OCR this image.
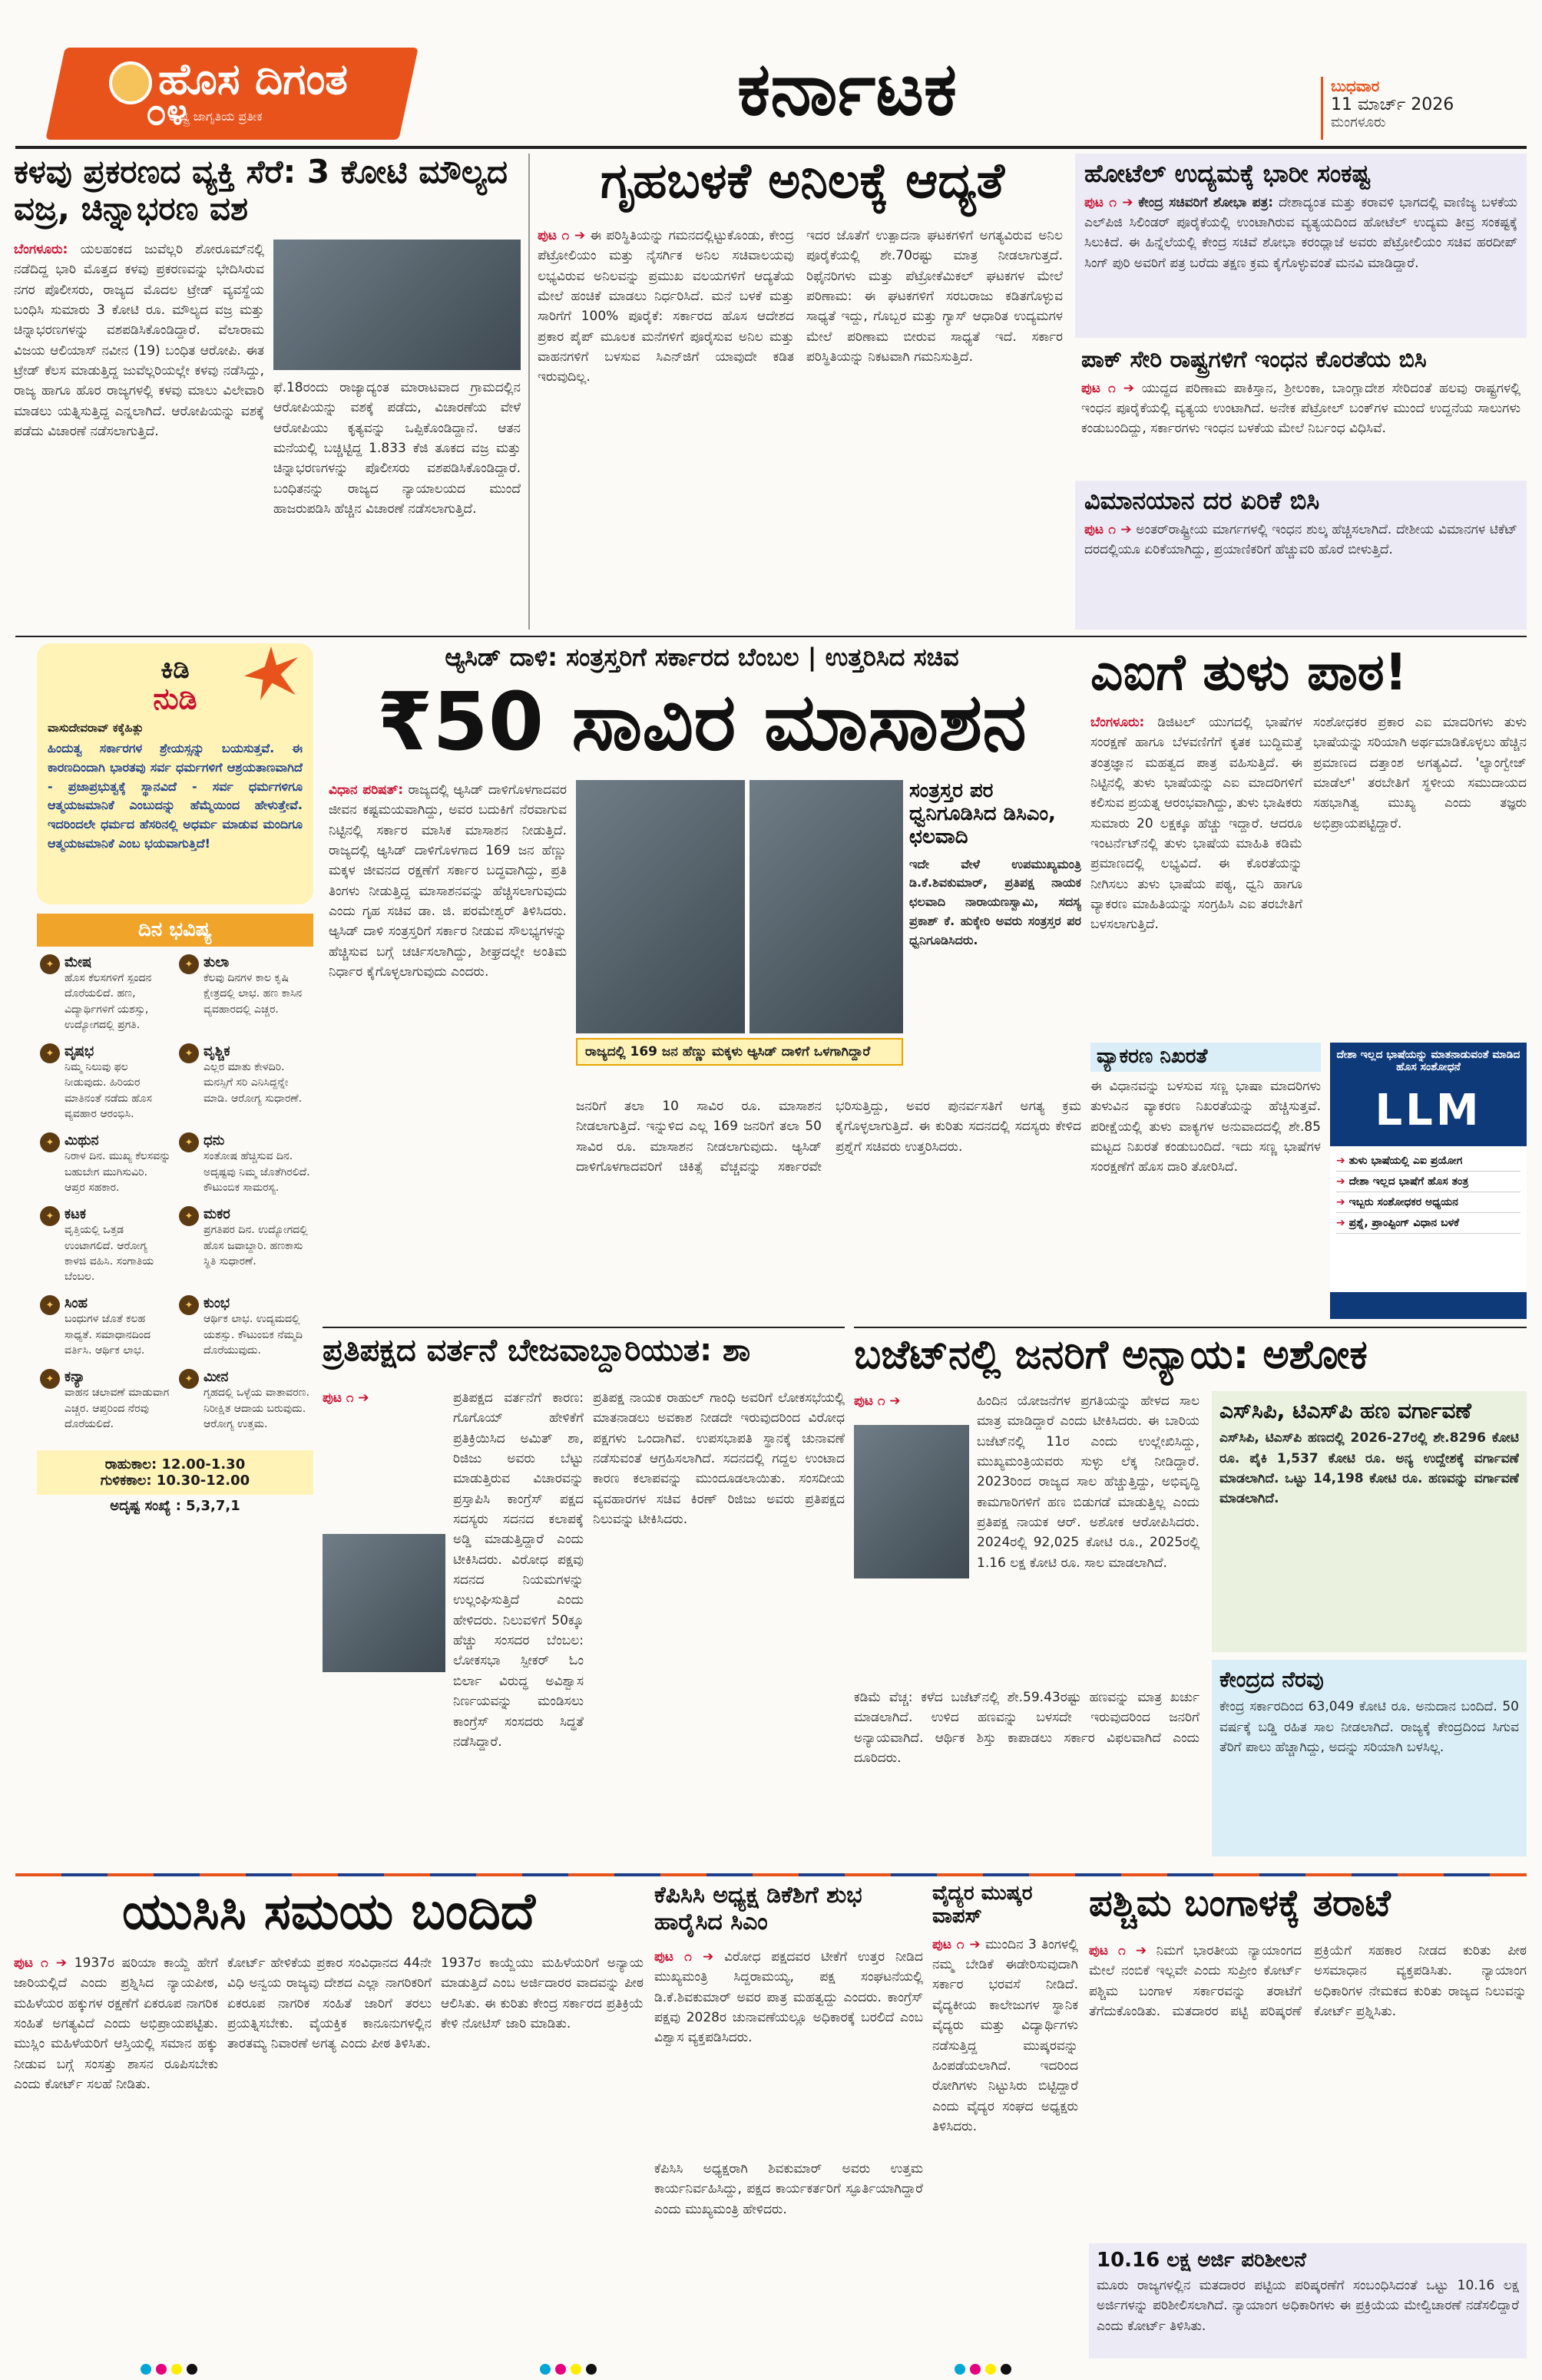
ಹೊಸ ದಿಗಂತ
ರಾಷ್ಟ್ರ ಜಾಗೃತಿಯ ಪ್ರತೀಕ
೦೪	ಕರ್ನಾಟಕ	ಬುಧವಾರ
11 ಮಾರ್ಚ್ 2026
ಮಂಗಳೂರು
ಕಳವು ಪ್ರಕರಣದ ವ್ಯಕ್ತಿ ಸೆರೆ: 3 ಕೋಟಿ ಮೌಲ್ಯದ ವಜ್ರ, ಚಿನ್ನಾಭರಣ ವಶ
ಬೆಂಗಳೂರು: ಯಲಹಂಕದ ಜುವೆಲ್ಲರಿ ಶೋರೂಮ್‌ನಲ್ಲಿ ನಡೆದಿದ್ದ ಭಾರಿ ಮೊತ್ತದ ಕಳವು ಪ್ರಕರಣವನ್ನು ಭೇದಿಸಿರುವ ನಗರ ಪೊಲೀಸರು, ರಾಜ್ಯದ ಮೊದಲ ಟ್ರೇಡ್ ವ್ಯವಸ್ಥೆಯ ಬಂಧಿಸಿ ಸುಮಾರು 3 ಕೋಟಿ ರೂ. ಮೌಲ್ಯದ ವಜ್ರ ಮತ್ತು ಚಿನ್ನಾಭರಣಗಳನ್ನು ವಶಪಡಿಸಿಕೊಂಡಿದ್ದಾರೆ. ವೆಲಾರಾಮ ವಿಜಯ ಆಲಿಯಾಸ್ ನವೀನ (19) ಬಂಧಿತ ಆರೋಪಿ. ಈತ ಟ್ರೇಡ್ ಕೆಲಸ ಮಾಡುತ್ತಿದ್ದ ಜುವೆಲ್ಲರಿಯಲ್ಲೇ ಕಳವು ನಡೆಸಿದ್ದು, ರಾಜ್ಯ ಹಾಗೂ ಹೊರ ರಾಜ್ಯಗಳಲ್ಲಿ ಕಳವು ಮಾಲು ವಿಲೇವಾರಿ ಮಾಡಲು ಯತ್ನಿಸುತ್ತಿದ್ದ ಎನ್ನಲಾಗಿದೆ. ಆರೋಪಿಯನ್ನು ವಶಕ್ಕೆ ಪಡೆದು ವಿಚಾರಣೆ ನಡೆಸಲಾಗುತ್ತಿದೆ.
ಫೆ.18ರಂದು ರಾಜ್ಯಾದ್ಯಂತ ಮಾರಾಟವಾದ ಗ್ರಾಮದಲ್ಲಿನ ಆರೋಪಿಯನ್ನು ವಶಕ್ಕೆ ಪಡೆದು, ವಿಚಾರಣೆಯ ವೇಳೆ ಆರೋಪಿಯು ಕೃತ್ಯವನ್ನು ಒಪ್ಪಿಕೊಂಡಿದ್ದಾನೆ. ಆತನ ಮನೆಯಲ್ಲಿ ಬಚ್ಚಿಟ್ಟಿದ್ದ 1.833 ಕೆಜಿ ತೂಕದ ವಜ್ರ ಮತ್ತು ಚಿನ್ನಾಭರಣಗಳನ್ನು ಪೊಲೀಸರು ವಶಪಡಿಸಿಕೊಂಡಿದ್ದಾರೆ. ಬಂಧಿತನನ್ನು ರಾಜ್ಯದ ನ್ಯಾಯಾಲಯದ ಮುಂದೆ ಹಾಜರುಪಡಿಸಿ ಹೆಚ್ಚಿನ ವಿಚಾರಣೆ ನಡೆಸಲಾಗುತ್ತಿದೆ.
ಗೃಹಬಳಕೆ ಅನಿಲಕ್ಕೆ ಆದ್ಯತೆ
ಪುಟ ೧ ➔ ಈ ಪರಿಸ್ಥಿತಿಯನ್ನು ಗಮನದಲ್ಲಿಟ್ಟುಕೊಂಡು, ಕೇಂದ್ರ ಪೆಟ್ರೋಲಿಯಂ ಮತ್ತು ನೈಸರ್ಗಿಕ ಅನಿಲ ಸಚಿವಾಲಯವು ಲಭ್ಯವಿರುವ ಅನಿಲವನ್ನು ಪ್ರಮುಖ ವಲಯಗಳಿಗೆ ಆದ್ಯತೆಯ ಮೇಲೆ ಹಂಚಿಕೆ ಮಾಡಲು ನಿರ್ಧರಿಸಿದೆ. ಮನೆ ಬಳಕೆ ಮತ್ತು ಸಾರಿಗೆಗೆ 100% ಪೂರೈಕೆ: ಸರ್ಕಾರದ ಹೊಸ ಆದೇಶದ ಪ್ರಕಾರ ಪೈಪ್ ಮೂಲಕ ಮನೆಗಳಿಗೆ ಪೂರೈಸುವ ಅನಿಲ ಮತ್ತು ವಾಹನಗಳಿಗೆ ಬಳಸುವ ಸಿಎನ್‌ಜಿಗೆ ಯಾವುದೇ ಕಡಿತ ಇರುವುದಿಲ್ಲ.
ಇದರ ಜೊತೆಗೆ ಉತ್ಪಾದನಾ ಘಟಕಗಳಿಗೆ ಅಗತ್ಯವಿರುವ ಅನಿಲ ಪೂರೈಕೆಯಲ್ಲಿ ಶೇ.70ರಷ್ಟು ಮಾತ್ರ ನೀಡಲಾಗುತ್ತದೆ. ರಿಫೈನರಿಗಳು ಮತ್ತು ಪೆಟ್ರೋಕೆಮಿಕಲ್ ಘಟಕಗಳ ಮೇಲೆ ಪರಿಣಾಮ: ಈ ಘಟಕಗಳಿಗೆ ಸರಬರಾಜು ಕಡಿತಗೊಳ್ಳುವ ಸಾಧ್ಯತೆ ಇದ್ದು, ಗೊಬ್ಬರ ಮತ್ತು ಗ್ಯಾಸ್ ಆಧಾರಿತ ಉದ್ಯಮಗಳ ಮೇಲೆ ಪರಿಣಾಮ ಬೀರುವ ಸಾಧ್ಯತೆ ಇದೆ. ಸರ್ಕಾರ ಪರಿಸ್ಥಿತಿಯನ್ನು ನಿಕಟವಾಗಿ ಗಮನಿಸುತ್ತಿದೆ.
ಹೋಟೆಲ್ ಉದ್ಯಮಕ್ಕೆ ಭಾರೀ ಸಂಕಷ್ಟ
ಪುಟ ೧ ➔ ಕೇಂದ್ರ ಸಚಿವರಿಗೆ ಶೋಭಾ ಪತ್ರ: ದೇಶಾದ್ಯಂತ ಮತ್ತು ಕರಾವಳಿ ಭಾಗದಲ್ಲಿ ವಾಣಿಜ್ಯ ಬಳಕೆಯ ಎಲ್‌ಪಿಜಿ ಸಿಲಿಂಡರ್ ಪೂರೈಕೆಯಲ್ಲಿ ಉಂಟಾಗಿರುವ ವ್ಯತ್ಯಯದಿಂದ ಹೋಟೆಲ್ ಉದ್ಯಮ ತೀವ್ರ ಸಂಕಷ್ಟಕ್ಕೆ ಸಿಲುಕಿದೆ. ಈ ಹಿನ್ನೆಲೆಯಲ್ಲಿ ಕೇಂದ್ರ ಸಚಿವೆ ಶೋಭಾ ಕರಂದ್ಲಾಜೆ ಅವರು ಪೆಟ್ರೋಲಿಯಂ ಸಚಿವ ಹರದೀಪ್ ಸಿಂಗ್ ಪುರಿ ಅವರಿಗೆ ಪತ್ರ ಬರೆದು ತಕ್ಷಣ ಕ್ರಮ ಕೈಗೊಳ್ಳುವಂತೆ ಮನವಿ ಮಾಡಿದ್ದಾರೆ.
ಪಾಕ್ ಸೇರಿ ರಾಷ್ಟ್ರಗಳಿಗೆ ಇಂಧನ ಕೊರತೆಯ ಬಿಸಿ
ಪುಟ ೧ ➔ ಯುದ್ಧದ ಪರಿಣಾಮ ಪಾಕಿಸ್ತಾನ, ಶ್ರೀಲಂಕಾ, ಬಾಂಗ್ಲಾದೇಶ ಸೇರಿದಂತೆ ಹಲವು ರಾಷ್ಟ್ರಗಳಲ್ಲಿ ಇಂಧನ ಪೂರೈಕೆಯಲ್ಲಿ ವ್ಯತ್ಯಯ ಉಂಟಾಗಿದೆ. ಅನೇಕ ಪೆಟ್ರೋಲ್ ಬಂಕ್‌ಗಳ ಮುಂದೆ ಉದ್ದನೆಯ ಸಾಲುಗಳು ಕಂಡುಬಂದಿದ್ದು, ಸರ್ಕಾರಗಳು ಇಂಧನ ಬಳಕೆಯ ಮೇಲೆ ನಿರ್ಬಂಧ ವಿಧಿಸಿವೆ.
ವಿಮಾನಯಾನ ದರ ಏರಿಕೆ ಬಿಸಿ
ಪುಟ ೧ ➔ ಅಂತರ್‌ರಾಷ್ಟ್ರೀಯ ಮಾರ್ಗಗಳಲ್ಲಿ ಇಂಧನ ಶುಲ್ಕ ಹೆಚ್ಚಿಸಲಾಗಿದೆ. ದೇಶೀಯ ವಿಮಾನಗಳ ಟಿಕೆಟ್ ದರದಲ್ಲಿಯೂ ಏರಿಕೆಯಾಗಿದ್ದು, ಪ್ರಯಾಣಿಕರಿಗೆ ಹೆಚ್ಚುವರಿ ಹೊರೆ ಬೀಳುತ್ತಿದೆ.
ಕಿಡಿ
ನುಡಿ
ವಾಸುದೇವರಾವ್ ಕಕ್ಕೆಹಿತ್ಲು
ಹಿಂದುತ್ವ ಸರ್ಕಾರಗಳ ಶ್ರೇಯಸ್ಸನ್ನು ಬಯಸುತ್ತವೆ. ಈ ಕಾರಣದಿಂದಾಗಿ ಭಾರತವು ಸರ್ವ ಧರ್ಮಗಳಿಗೆ ಆಶ್ರಯತಾಣವಾಗಿದೆ - ಪ್ರಜಾಪ್ರಭುತ್ವಕ್ಕೆ ಸ್ಥಾನವಿದೆ - ಸರ್ವ ಧರ್ಮಗಳಿಗೂ ಆತ್ಮಯಜಮಾನಿಕೆ ಎಂಬುದನ್ನು ಹೆಮ್ಮೆಯಿಂದ ಹೇಳುತ್ತೇವೆ. ಇದರಿಂದಲೇ ಧರ್ಮದ ಹೆಸರಿನಲ್ಲಿ ಅಧರ್ಮ ಮಾಡುವ ಮಂದಿಗೂ ಆತ್ಮಯಜಮಾನಿಕೆ ಎಂಬ ಭಯವಾಗುತ್ತಿದೆ!
ದಿನ ಭವಿಷ್ಯ
✦ ಮೇಷ
ಹೊಸ ಕೆಲಸಗಳಿಗೆ ಸ್ಪಂದನ ದೊರೆಯಲಿದೆ. ಹಣ, ವಿದ್ಯಾರ್ಥಿಗಳಿಗೆ ಯಶಸ್ಸು, ಉದ್ಯೋಗದಲ್ಲಿ ಪ್ರಗತಿ.
✦ ತುಲಾ
ಕೆಲವು ದಿನಗಳ ಕಾಲ ಕೃಷಿ ಕ್ಷೇತ್ರದಲ್ಲಿ ಲಾಭ. ಹಣ ಕಾಸಿನ ವ್ಯವಹಾರದಲ್ಲಿ ಎಚ್ಚರ.
✦ ವೃಷಭ
ನಿಮ್ಮ ನಿಲುವು ಫಲ ನೀಡುವುದು. ಹಿರಿಯರ ಮಾತಿನಂತೆ ನಡೆದು ಹೊಸ ವ್ಯವಹಾರ ಆರಂಭಿಸಿ.
✦ ವೃಶ್ಚಿಕ
ಎಲ್ಲರ ಮಾತು ಕೇಳದಿರಿ. ಮನಸ್ಸಿಗೆ ಸರಿ ಎನಿಸಿದ್ದನ್ನೇ ಮಾಡಿ. ಆರೋಗ್ಯ ಸುಧಾರಣೆ.
✦ ಮಿಥುನ
ನಿರಾಳ ದಿನ. ಮುಖ್ಯ ಕೆಲಸವನ್ನು ಬಹುಬೇಗ ಮುಗಿಸುವಿರಿ. ಆಪ್ತರ ಸಹಕಾರ.
✦ ಧನು
ಸಂತೋಷ ಹೆಚ್ಚಿಸುವ ದಿನ. ಅದೃಷ್ಟವು ನಿಮ್ಮ ಜೊತೆಗಿರಲಿದೆ. ಕೌಟುಂಬಿಕ ಸಾಮರಸ್ಯ.
✦ ಕಟಕ
ವೃತ್ತಿಯಲ್ಲಿ ಒತ್ತಡ ಉಂಟಾಗಲಿದೆ. ಆರೋಗ್ಯ ಕಾಳಜಿ ವಹಿಸಿ. ಸಂಗಾತಿಯ ಬೆಂಬಲ.
✦ ಮಕರ
ಪ್ರಗತಿಪರ ದಿನ. ಉದ್ಯೋಗದಲ್ಲಿ ಹೊಸ ಜವಾಬ್ದಾರಿ. ಹಣಕಾಸು ಸ್ಥಿತಿ ಸುಧಾರಣೆ.
✦ ಸಿಂಹ
ಬಂಧುಗಳ ಜೊತೆ ಕಲಹ ಸಾಧ್ಯತೆ. ಸಮಾಧಾನದಿಂದ ವರ್ತಿಸಿ. ಆರ್ಥಿಕ ಲಾಭ.
✦ ಕುಂಭ
ಆರ್ಥಿಕ ಲಾಭ. ಉದ್ಯಮದಲ್ಲಿ ಯಶಸ್ಸು. ಕೌಟುಂಬಿಕ ನೆಮ್ಮದಿ ದೊರೆಯುವುದು.
✦ ಕನ್ಯಾ
ವಾಹನ ಚಲಾವಣೆ ಮಾಡುವಾಗ ಎಚ್ಚರ. ಆಪ್ತರಿಂದ ನೆರವು ದೊರೆಯಲಿದೆ.
✦ ಮೀನ
ಗೃಹದಲ್ಲಿ ಒಳ್ಳೆಯ ವಾತಾವರಣ. ನಿರೀಕ್ಷಿತ ಆದಾಯ ಬರುವುದು. ಆರೋಗ್ಯ ಉತ್ತಮ.
ರಾಹುಕಾಲ: 12.00-1.30
ಗುಳಿಕಕಾಲ: 10.30-12.00
ಅದೃಷ್ಟ ಸಂಖ್ಯೆ : 5,3,7,1
ಆ್ಯಸಿಡ್ ದಾಳಿ: ಸಂತ್ರಸ್ತರಿಗೆ ಸರ್ಕಾರದ ಬೆಂಬಲ | ಉತ್ತರಿಸಿದ ಸಚಿವ
₹50 ಸಾವಿರ ಮಾಸಾಶನ
ವಿಧಾನ ಪರಿಷತ್: ರಾಜ್ಯದಲ್ಲಿ ಆ್ಯಸಿಡ್ ದಾಳಿಗೊಳಗಾದವರ ಜೀವನ ಕಷ್ಟಮಯವಾಗಿದ್ದು, ಅವರ ಬದುಕಿಗೆ ನೆರವಾಗುವ ನಿಟ್ಟಿನಲ್ಲಿ ಸರ್ಕಾರ ಮಾಸಿಕ ಮಾಸಾಶನ ನೀಡುತ್ತಿದೆ. ರಾಜ್ಯದಲ್ಲಿ ಆ್ಯಸಿಡ್ ದಾಳಿಗೊಳಗಾದ 169 ಜನ ಹೆಣ್ಣು ಮಕ್ಕಳ ಜೀವನದ ರಕ್ಷಣೆಗೆ ಸರ್ಕಾರ ಬದ್ಧವಾಗಿದ್ದು, ಪ್ರತಿ ತಿಂಗಳು ನೀಡುತ್ತಿದ್ದ ಮಾಸಾಶನವನ್ನು ಹೆಚ್ಚಿಸಲಾಗುವುದು ಎಂದು ಗೃಹ ಸಚಿವ ಡಾ. ಜಿ. ಪರಮೇಶ್ವರ್ ತಿಳಿಸಿದರು. ಆ್ಯಸಿಡ್ ದಾಳಿ ಸಂತ್ರಸ್ತರಿಗೆ ಸರ್ಕಾರ ನೀಡುವ ಸೌಲಭ್ಯಗಳನ್ನು ಹೆಚ್ಚಿಸುವ ಬಗ್ಗೆ ಚರ್ಚಿಸಲಾಗಿದ್ದು, ಶೀಘ್ರದಲ್ಲೇ ಅಂತಿಮ ನಿರ್ಧಾರ ಕೈಗೊಳ್ಳಲಾಗುವುದು ಎಂದರು.
ಸಂತ್ರಸ್ತರ ಪರ ಧ್ವನಿಗೂಡಿಸಿದ ಡಿಸಿಎಂ, ಛಲವಾದಿ
ಇದೇ ವೇಳೆ ಉಪಮುಖ್ಯಮಂತ್ರಿ ಡಿ.ಕೆ.ಶಿವಕುಮಾರ್, ಪ್ರತಿಪಕ್ಷ ನಾಯಕ ಛಲವಾದಿ ನಾರಾಯಣಸ್ವಾಮಿ, ಸದಸ್ಯ ಪ್ರಕಾಶ್ ಕೆ. ಹುಕ್ಕೇರಿ ಅವರು ಸಂತ್ರಸ್ತರ ಪರ ಧ್ವನಿಗೂಡಿಸಿದರು.
ರಾಜ್ಯದಲ್ಲಿ 169 ಜನ ಹೆಣ್ಣು ಮಕ್ಕಳು ಆ್ಯಸಿಡ್ ದಾಳಿಗೆ ಒಳಗಾಗಿದ್ದಾರೆ
ಜನರಿಗೆ ತಲಾ 10 ಸಾವಿರ ರೂ. ಮಾಸಾಶನ ನೀಡಲಾಗುತ್ತಿದೆ. ಇನ್ನುಳಿದ ಎಲ್ಲ 169 ಜನರಿಗೆ ತಲಾ 50 ಸಾವಿರ ರೂ. ಮಾಸಾಶನ ನೀಡಲಾಗುವುದು. ಆ್ಯಸಿಡ್ ದಾಳಿಗೊಳಗಾದವರಿಗೆ ಚಿಕಿತ್ಸೆ ವೆಚ್ಚವನ್ನು ಸರ್ಕಾರವೇ ಭರಿಸುತ್ತಿದ್ದು, ಅವರ ಪುನರ್ವಸತಿಗೆ ಅಗತ್ಯ ಕ್ರಮ ಕೈಗೊಳ್ಳಲಾಗುತ್ತಿದೆ. ಈ ಕುರಿತು ಸದನದಲ್ಲಿ ಸದಸ್ಯರು ಕೇಳಿದ ಪ್ರಶ್ನೆಗೆ ಸಚಿವರು ಉತ್ತರಿಸಿದರು.
ಎಐಗೆ ತುಳು ಪಾಠ!
ಬೆಂಗಳೂರು: ಡಿಜಿಟಲ್ ಯುಗದಲ್ಲಿ ಭಾಷೆಗಳ ಸಂರಕ್ಷಣೆ ಹಾಗೂ ಬೆಳವಣಿಗೆಗೆ ಕೃತಕ ಬುದ್ಧಿಮತ್ತೆ ತಂತ್ರಜ್ಞಾನ ಮಹತ್ವದ ಪಾತ್ರ ವಹಿಸುತ್ತಿದೆ. ಈ ನಿಟ್ಟಿನಲ್ಲಿ ತುಳು ಭಾಷೆಯನ್ನು ಎಐ ಮಾದರಿಗಳಿಗೆ ಕಲಿಸುವ ಪ್ರಯತ್ನ ಆರಂಭವಾಗಿದ್ದು, ತುಳು ಭಾಷಿಕರು ಸುಮಾರು 20 ಲಕ್ಷಕ್ಕೂ ಹೆಚ್ಚು ಇದ್ದಾರೆ. ಆದರೂ ಇಂಟರ್ನೆಟ್‌ನಲ್ಲಿ ತುಳು ಭಾಷೆಯ ಮಾಹಿತಿ ಕಡಿಮೆ ಪ್ರಮಾಣದಲ್ಲಿ ಲಭ್ಯವಿದೆ. ಈ ಕೊರತೆಯನ್ನು ನೀಗಿಸಲು ತುಳು ಭಾಷೆಯ ಪಠ್ಯ, ಧ್ವನಿ ಹಾಗೂ ವ್ಯಾಕರಣ ಮಾಹಿತಿಯನ್ನು ಸಂಗ್ರಹಿಸಿ ಎಐ ತರಬೇತಿಗೆ ಬಳಸಲಾಗುತ್ತಿದೆ.
ಸಂಶೋಧಕರ ಪ್ರಕಾರ ಎಐ ಮಾದರಿಗಳು ತುಳು ಭಾಷೆಯನ್ನು ಸರಿಯಾಗಿ ಅರ್ಥಮಾಡಿಕೊಳ್ಳಲು ಹೆಚ್ಚಿನ ಪ್ರಮಾಣದ ದತ್ತಾಂಶ ಅಗತ್ಯವಿದೆ. 'ಲ್ಯಾಂಗ್ವೇಜ್ ಮಾಡೆಲ್' ತರಬೇತಿಗೆ ಸ್ಥಳೀಯ ಸಮುದಾಯದ ಸಹಭಾಗಿತ್ವ ಮುಖ್ಯ ಎಂದು ತಜ್ಞರು ಅಭಿಪ್ರಾಯಪಟ್ಟಿದ್ದಾರೆ.
ವ್ಯಾಕರಣ ನಿಖರತೆ
ಈ ವಿಧಾನವನ್ನು ಬಳಸುವ ಸಣ್ಣ ಭಾಷಾ ಮಾದರಿಗಳು ತುಳುವಿನ ವ್ಯಾಕರಣ ನಿಖರತೆಯನ್ನು ಹೆಚ್ಚಿಸುತ್ತವೆ. ಪರೀಕ್ಷೆಯಲ್ಲಿ ತುಳು ವಾಕ್ಯಗಳ ಅನುವಾದದಲ್ಲಿ ಶೇ.85 ಮಟ್ಟದ ನಿಖರತೆ ಕಂಡುಬಂದಿದೆ. ಇದು ಸಣ್ಣ ಭಾಷೆಗಳ ಸಂರಕ್ಷಣೆಗೆ ಹೊಸ ದಾರಿ ತೋರಿಸಿದೆ.
ದೇಶಾ ಇಲ್ಲದ ಭಾಷೆಯನ್ನು ಮಾತನಾಡುವಂತೆ ಮಾಡಿದ ಹೊಸ ಸಂಶೋಧನೆ
LLM
➔ ತುಳು ಭಾಷೆಯಲ್ಲಿ ಎಐ ಪ್ರಯೋಗ
➔ ದೇಶಾ ಇಲ್ಲದ ಭಾಷೆಗೆ ಹೊಸ ತಂತ್ರ
➔ ಇಬ್ಬರು ಸಂಶೋಧಕರ ಅಧ್ಯಯನ
➔ ಪ್ರಶ್ನೆ, ಪ್ರಾಂಪ್ಟಿಂಗ್ ವಿಧಾನ ಬಳಕೆ
ಪ್ರತಿಪಕ್ಷದ ವರ್ತನೆ ಬೇಜವಾಬ್ದಾರಿಯುತ: ಶಾ
ಪುಟ ೧ ➔	ಪ್ರತಿಪಕ್ಷದ ವರ್ತನೆಗೆ ಕಾರಣ: ಗೊಗೊಯ್ ಹೇಳಿಕೆಗೆ ಪ್ರತಿಕ್ರಿಯಿಸಿದ ಅಮಿತ್ ಶಾ, ರಿಜಿಜು ಅವರು ಬೆಟ್ಟು ಮಾಡುತ್ತಿರುವ ವಿಚಾರವನ್ನು ಪ್ರಸ್ತಾಪಿಸಿ ಕಾಂಗ್ರೆಸ್ ಪಕ್ಷದ ಸದಸ್ಯರು ಸದನದ ಕಲಾಪಕ್ಕೆ ಅಡ್ಡಿ ಮಾಡುತ್ತಿದ್ದಾರೆ ಎಂದು ಟೀಕಿಸಿದರು. ವಿರೋಧ ಪಕ್ಷವು ಸದನದ ನಿಯಮಗಳನ್ನು ಉಲ್ಲಂಘಿಸುತ್ತಿದೆ ಎಂದು ಹೇಳಿದರು. ನಿಲುವಳಿಗೆ 50ಕ್ಕೂ ಹೆಚ್ಚು ಸಂಸದರ ಬೆಂಬಲ: ಲೋಕಸಭಾ ಸ್ಪೀಕರ್ ಓಂ ಬಿರ್ಲಾ ವಿರುದ್ಧ ಅವಿಶ್ವಾಸ ನಿರ್ಣಯವನ್ನು ಮಂಡಿಸಲು ಕಾಂಗ್ರೆಸ್ ಸಂಸದರು ಸಿದ್ಧತೆ ನಡೆಸಿದ್ದಾರೆ.
ಪ್ರತಿಪಕ್ಷ ನಾಯಕ ರಾಹುಲ್ ಗಾಂಧಿ ಅವರಿಗೆ ಲೋಕಸಭೆಯಲ್ಲಿ ಮಾತನಾಡಲು ಅವಕಾಶ ನೀಡದೇ ಇರುವುದರಿಂದ ವಿರೋಧ ಪಕ್ಷಗಳು ಒಂದಾಗಿವೆ. ಉಪಸಭಾಪತಿ ಸ್ಥಾನಕ್ಕೆ ಚುನಾವಣೆ ನಡೆಸುವಂತೆ ಆಗ್ರಹಿಸಲಾಗಿದೆ. ಸದನದಲ್ಲಿ ಗದ್ದಲ ಉಂಟಾದ ಕಾರಣ ಕಲಾಪವನ್ನು ಮುಂದೂಡಲಾಯಿತು. ಸಂಸದೀಯ ವ್ಯವಹಾರಗಳ ಸಚಿವ ಕಿರಣ್ ರಿಜಿಜು ಅವರು ಪ್ರತಿಪಕ್ಷದ ನಿಲುವನ್ನು ಟೀಕಿಸಿದರು.
ಬಜೆಟ್‌ನಲ್ಲಿ ಜನರಿಗೆ ಅನ್ಯಾಯ: ಅಶೋಕ
ಪುಟ ೧ ➔	ಹಿಂದಿನ ಯೋಜನೆಗಳ ಪ್ರಗತಿಯನ್ನು ಹೇಳದ ಸಾಲ ಮಾತ್ರ ಮಾಡಿದ್ದಾರೆ ಎಂದು ಟೀಕಿಸಿದರು. ಈ ಬಾರಿಯ ಬಜೆಟ್‌ನಲ್ಲಿ 11ರ ಎಂದು ಉಲ್ಲೇಖಿಸಿದ್ದು, ಮುಖ್ಯಮಂತ್ರಿಯವರು ಸುಳ್ಳು ಲೆಕ್ಕ ನೀಡಿದ್ದಾರೆ. 2023ರಿಂದ ರಾಜ್ಯದ ಸಾಲ ಹೆಚ್ಚುತ್ತಿದ್ದು, ಅಭಿವೃದ್ಧಿ ಕಾಮಗಾರಿಗಳಿಗೆ ಹಣ ಬಿಡುಗಡೆ ಮಾಡುತ್ತಿಲ್ಲ ಎಂದು ಪ್ರತಿಪಕ್ಷ ನಾಯಕ ಆರ್. ಅಶೋಕ ಆರೋಪಿಸಿದರು. 2024ರಲ್ಲಿ 92,025 ಕೋಟಿ ರೂ., 2025ರಲ್ಲಿ 1.16 ಲಕ್ಷ ಕೋಟಿ ರೂ. ಸಾಲ ಮಾಡಲಾಗಿದೆ.
ಕಡಿಮೆ ವೆಚ್ಚ: ಕಳೆದ ಬಜೆಟ್‌ನಲ್ಲಿ ಶೇ.59.43ರಷ್ಟು ಹಣವನ್ನು ಮಾತ್ರ ಖರ್ಚು ಮಾಡಲಾಗಿದೆ. ಉಳಿದ ಹಣವನ್ನು ಬಳಸದೇ ಇರುವುದರಿಂದ ಜನರಿಗೆ ಅನ್ಯಾಯವಾಗಿದೆ. ಆರ್ಥಿಕ ಶಿಸ್ತು ಕಾಪಾಡಲು ಸರ್ಕಾರ ವಿಫಲವಾಗಿದೆ ಎಂದು ದೂರಿದರು.
ಎಸ್‌ಸಿಪಿ, ಟಿಎಸ್‌ಪಿ ಹಣ ವರ್ಗಾವಣೆ
ಎಸ್‌ಸಿಪಿ, ಟಿಎಸ್‌ಪಿ ಹಣದಲ್ಲಿ 2026-27ರಲ್ಲಿ ಶೇ.8296 ಕೋಟಿ ರೂ. ಪೈಕಿ 1,537 ಕೋಟಿ ರೂ. ಅನ್ಯ ಉದ್ದೇಶಕ್ಕೆ ವರ್ಗಾವಣೆ ಮಾಡಲಾಗಿದೆ. ಒಟ್ಟು 14,198 ಕೋಟಿ ರೂ. ಹಣವನ್ನು ವರ್ಗಾವಣೆ ಮಾಡಲಾಗಿದೆ.
ಕೇಂದ್ರದ ನೆರವು
ಕೇಂದ್ರ ಸರ್ಕಾರದಿಂದ 63,049 ಕೋಟಿ ರೂ. ಅನುದಾನ ಬಂದಿದೆ. 50 ವರ್ಷಕ್ಕೆ ಬಡ್ಡಿ ರಹಿತ ಸಾಲ ನೀಡಲಾಗಿದೆ. ರಾಜ್ಯಕ್ಕೆ ಕೇಂದ್ರದಿಂದ ಸಿಗುವ ತೆರಿಗೆ ಪಾಲು ಹೆಚ್ಚಾಗಿದ್ದು, ಅದನ್ನು ಸರಿಯಾಗಿ ಬಳಸಿಲ್ಲ.
ಯುಸಿಸಿ ಸಮಯ ಬಂದಿದೆ
ಪುಟ ೧ ➔ 1937ರ ಷರಿಯಾ ಕಾಯ್ದೆ ಹೇಗೆ ಜಾರಿಯಲ್ಲಿದೆ ಎಂದು ಪ್ರಶ್ನಿಸಿದ ನ್ಯಾಯಪೀಠ, ಮಹಿಳೆಯರ ಹಕ್ಕುಗಳ ರಕ್ಷಣೆಗೆ ಏಕರೂಪ ನಾಗರಿಕ ಸಂಹಿತೆ ಅಗತ್ಯವಿದೆ ಎಂದು ಅಭಿಪ್ರಾಯಪಟ್ಟಿತು. ಮುಸ್ಲಿಂ ಮಹಿಳೆಯರಿಗೆ ಆಸ್ತಿಯಲ್ಲಿ ಸಮಾನ ಹಕ್ಕು ನೀಡುವ ಬಗ್ಗೆ ಸಂಸತ್ತು ಶಾಸನ ರೂಪಿಸಬೇಕು ಎಂದು ಕೋರ್ಟ್ ಸಲಹೆ ನೀಡಿತು.
ಕೋರ್ಟ್ ಹೇಳಿಕೆಯ ಪ್ರಕಾರ ಸಂವಿಧಾನದ 44ನೇ ವಿಧಿ ಅನ್ವಯ ರಾಜ್ಯವು ದೇಶದ ಎಲ್ಲಾ ನಾಗರಿಕರಿಗೆ ಏಕರೂಪ ನಾಗರಿಕ ಸಂಹಿತೆ ಜಾರಿಗೆ ತರಲು ಪ್ರಯತ್ನಿಸಬೇಕು. ವೈಯಕ್ತಿಕ ಕಾನೂನುಗಳಲ್ಲಿನ ತಾರತಮ್ಯ ನಿವಾರಣೆ ಅಗತ್ಯ ಎಂದು ಪೀಠ ತಿಳಿಸಿತು.
1937ರ ಕಾಯ್ದೆಯು ಮಹಿಳೆಯರಿಗೆ ಅನ್ಯಾಯ ಮಾಡುತ್ತಿದೆ ಎಂಬ ಅರ್ಜಿದಾರರ ವಾದವನ್ನು ಪೀಠ ಆಲಿಸಿತು. ಈ ಕುರಿತು ಕೇಂದ್ರ ಸರ್ಕಾರದ ಪ್ರತಿಕ್ರಿಯೆ ಕೇಳಿ ನೋಟಿಸ್ ಜಾರಿ ಮಾಡಿತು.
ಕೆಪಿಸಿಸಿ ಅಧ್ಯಕ್ಷ ಡಿಕೆಶಿಗೆ ಶುಭ ಹಾರೈಸಿದ ಸಿಎಂ
ಪುಟ ೧ ➔ ವಿರೋಧ ಪಕ್ಷದವರ ಟೀಕೆಗೆ ಉತ್ತರ ನೀಡಿದ ಮುಖ್ಯಮಂತ್ರಿ ಸಿದ್ದರಾಮಯ್ಯ, ಪಕ್ಷ ಸಂಘಟನೆಯಲ್ಲಿ ಡಿ.ಕೆ.ಶಿವಕುಮಾರ್ ಅವರ ಪಾತ್ರ ಮಹತ್ವದ್ದು ಎಂದರು. ಕಾಂಗ್ರೆಸ್ ಪಕ್ಷವು 2028ರ ಚುನಾವಣೆಯಲ್ಲೂ ಅಧಿಕಾರಕ್ಕೆ ಬರಲಿದೆ ಎಂಬ ವಿಶ್ವಾಸ ವ್ಯಕ್ತಪಡಿಸಿದರು.
ಕೆಪಿಸಿಸಿ ಅಧ್ಯಕ್ಷರಾಗಿ ಶಿವಕುಮಾರ್ ಅವರು ಉತ್ತಮ ಕಾರ್ಯನಿರ್ವಹಿಸಿದ್ದು, ಪಕ್ಷದ ಕಾರ್ಯಕರ್ತರಿಗೆ ಸ್ಫೂರ್ತಿಯಾಗಿದ್ದಾರೆ ಎಂದು ಮುಖ್ಯಮಂತ್ರಿ ಹೇಳಿದರು.
ವೈದ್ಯರ ಮುಷ್ಕರ ವಾಪಸ್
ಪುಟ ೧ ➔ ಮುಂದಿನ 3 ತಿಂಗಳಲ್ಲಿ ನಮ್ಮ ಬೇಡಿಕೆ ಈಡೇರಿಸುವುದಾಗಿ ಸರ್ಕಾರ ಭರವಸೆ ನೀಡಿದೆ. ವೈದ್ಯಕೀಯ ಕಾಲೇಜುಗಳ ಸ್ಥಾನಿಕ ವೈದ್ಯರು ಮತ್ತು ವಿದ್ಯಾರ್ಥಿಗಳು ನಡೆಸುತ್ತಿದ್ದ ಮುಷ್ಕರವನ್ನು ಹಿಂಪಡೆಯಲಾಗಿದೆ. ಇದರಿಂದ ರೋಗಿಗಳು ನಿಟ್ಟುಸಿರು ಬಿಟ್ಟಿದ್ದಾರೆ ಎಂದು ವೈದ್ಯರ ಸಂಘದ ಅಧ್ಯಕ್ಷರು ತಿಳಿಸಿದರು.
ಪಶ್ಚಿಮ ಬಂಗಾಳಕ್ಕೆ ತರಾಟೆ
ಪುಟ ೧ ➔ ನಿಮಗೆ ಭಾರತೀಯ ನ್ಯಾಯಾಂಗದ ಮೇಲೆ ನಂಬಿಕೆ ಇಲ್ಲವೇ ಎಂದು ಸುಪ್ರೀಂ ಕೋರ್ಟ್ ಪಶ್ಚಿಮ ಬಂಗಾಳ ಸರ್ಕಾರವನ್ನು ತರಾಟೆಗೆ ತೆಗೆದುಕೊಂಡಿತು. ಮತದಾರರ ಪಟ್ಟಿ ಪರಿಷ್ಕರಣೆ ಪ್ರಕ್ರಿಯೆಗೆ ಸಹಕಾರ ನೀಡದ ಕುರಿತು ಪೀಠ ಅಸಮಾಧಾನ ವ್ಯಕ್ತಪಡಿಸಿತು. ನ್ಯಾಯಾಂಗ ಅಧಿಕಾರಿಗಳ ನೇಮಕದ ಕುರಿತು ರಾಜ್ಯದ ನಿಲುವನ್ನು ಕೋರ್ಟ್ ಪ್ರಶ್ನಿಸಿತು.
10.16 ಲಕ್ಷ ಅರ್ಜಿ ಪರಿಶೀಲನೆ
ಮೂರು ರಾಜ್ಯಗಳಲ್ಲಿನ ಮತದಾರರ ಪಟ್ಟಿಯ ಪರಿಷ್ಕರಣೆಗೆ ಸಂಬಂಧಿಸಿದಂತೆ ಒಟ್ಟು 10.16 ಲಕ್ಷ ಅರ್ಜಿಗಳನ್ನು ಪರಿಶೀಲಿಸಲಾಗಿದೆ. ನ್ಯಾಯಾಂಗ ಅಧಿಕಾರಿಗಳು ಈ ಪ್ರಕ್ರಿಯೆಯ ಮೇಲ್ವಿಚಾರಣೆ ನಡೆಸಲಿದ್ದಾರೆ ಎಂದು ಕೋರ್ಟ್ ತಿಳಿಸಿತು.
